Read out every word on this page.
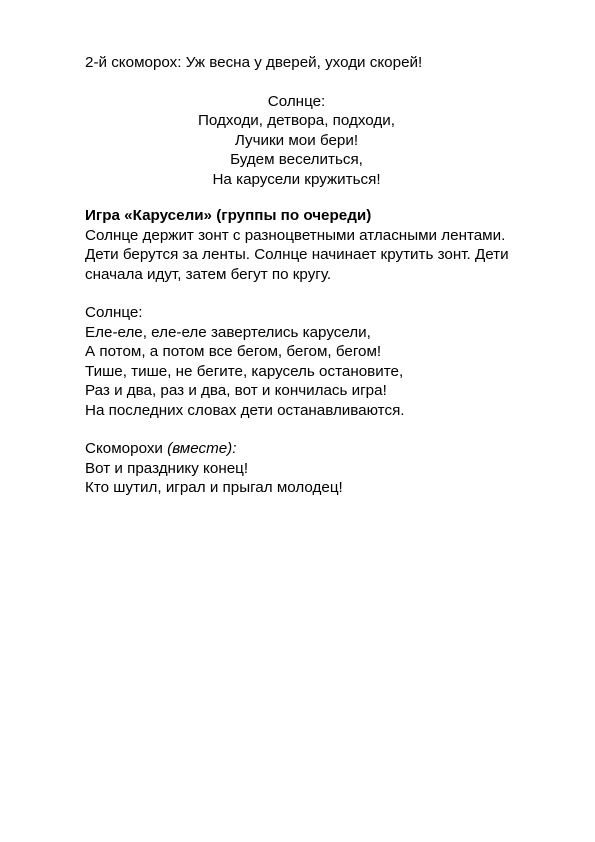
2-й скоморох: Уж весна у дверей, уходи скорей!
Солнце:
Подходи, детвора, подходи,
Лучики мои бери!
Будем веселиться,
На карусели кружиться!
Игра «Карусели» (группы по очереди)
Солнце держит зонт с разноцветными атласными лентами.
Дети берутся за ленты. Солнце начинает крутить зонт. Дети
сначала идут, затем бегут по кругу.
Солнце:
Еле-еле, еле-еле завертелись карусели,
А потом, а потом все бегом, бегом, бегом!
Тише, тише, не бегите, карусель остановите,
Раз и два, раз и два, вот и кончилась игра!
На последних словах дети останавливаются.
Скоморохи (вместе):
Вот и празднику конец!
Кто шутил, играл и прыгал молодец!
